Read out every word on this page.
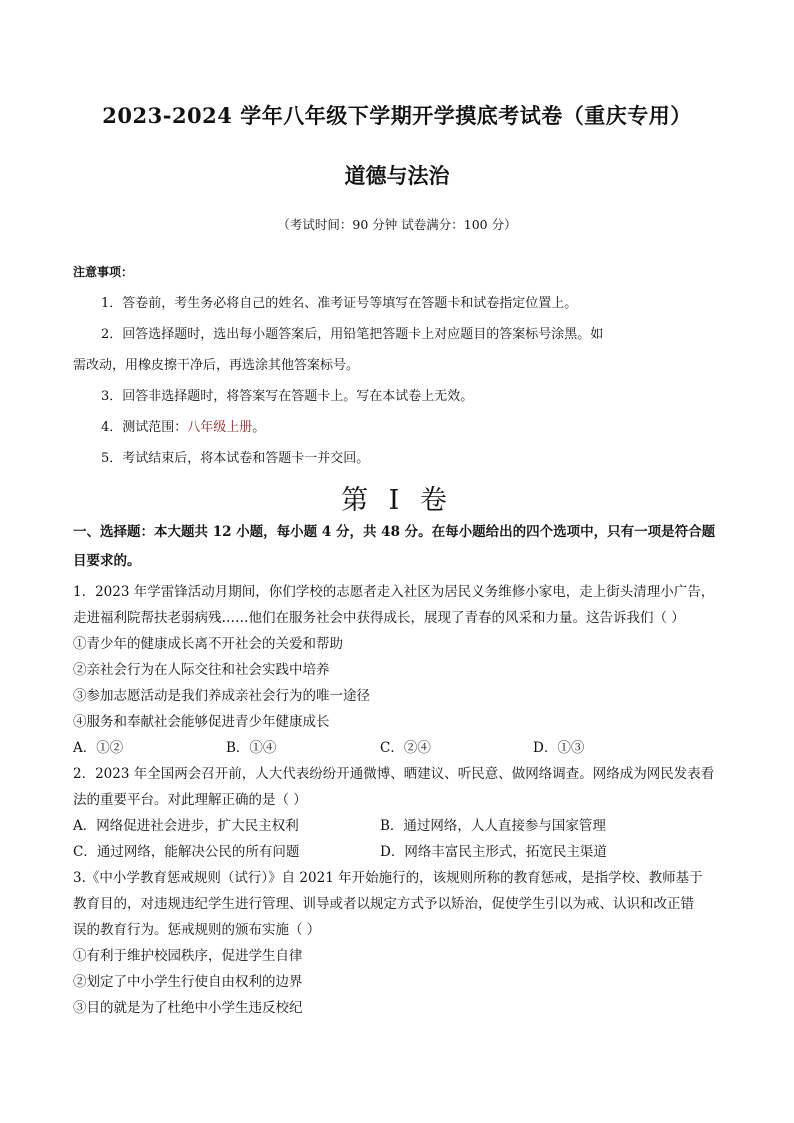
2023-2024 学年八年级下学期开学摸底考试卷（重庆专用）
道德与法治
（考试时间：90 分钟 试卷满分：100 分）
注意事项：
1．答卷前，考生务必将自己的姓名、准考证号等填写在答题卡和试卷指定位置上。
2．回答选择题时，选出每小题答案后，用铅笔把答题卡上对应题目的答案标号涂黑。如
需改动，用橡皮擦干净后，再选涂其他答案标号。
3．回答非选择题时，将答案写在答题卡上。写在本试卷上无效。
4．测试范围：八年级上册。
5．考试结束后，将本试卷和答题卡一并交回。
第 I 卷
一、选择题：本大题共 12 小题，每小题 4 分，共 48 分。在每小题给出的四个选项中，只有一项是符合题
目要求的。
1．2023 年学雷锋活动月期间，你们学校的志愿者走入社区为居民义务维修小家电，走上街头清理小广告，
走进福利院帮扶老弱病残……他们在服务社会中获得成长，展现了青春的风采和力量。这告诉我们（ ）
①青少年的健康成长离不开社会的关爱和帮助
②亲社会行为在人际交往和社会实践中培养
③参加志愿活动是我们养成亲社会行为的唯一途径
④服务和奉献社会能够促进青少年健康成长
A．①②	B．①④	C．②④	D．①③
2．2023 年全国两会召开前，人大代表纷纷开通微博、晒建议、听民意、做网络调查。网络成为网民发表看
法的重要平台。对此理解正确的是（ ）
A．网络促进社会进步，扩大民主权利	B．通过网络，人人直接参与国家管理
C．通过网络，能解决公民的所有问题	D．网络丰富民主形式，拓宽民主渠道
3.《中小学教育惩戒规则（试行）》自 2021 年开始施行的，该规则所称的教育惩戒，是指学校、教师基于
教育目的，对违规违纪学生进行管理、训导或者以规定方式予以矫治，促使学生引以为戒、认识和改正错
误的教育行为。惩戒规则的颁布实施（ ）
①有利于维护校园秩序，促进学生自律
②划定了中小学生行使自由权利的边界
③目的就是为了杜绝中小学生违反校纪
